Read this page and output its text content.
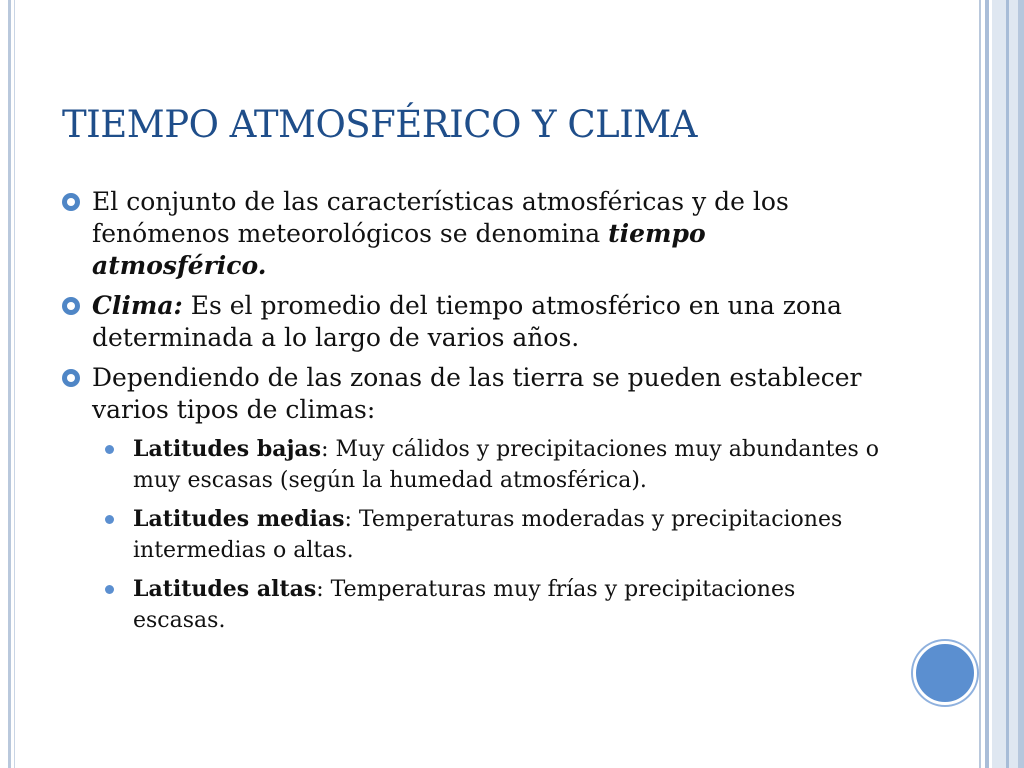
TIEMPO ATMOSFÉRICO Y CLIMA
El conjunto de las características atmosféricas y de los fenómenos meteorológicos se denomina tiempo atmosférico.
Clima: Es el promedio del tiempo atmosférico en una zona determinada a lo largo de varios años.
Dependiendo de las zonas de las tierra se pueden establecer varios tipos de climas:
Latitudes bajas: Muy cálidos y precipitaciones muy abundantes o muy escasas (según la humedad atmosférica).
Latitudes medias: Temperaturas moderadas y precipitaciones intermedias o altas.
Latitudes altas: Temperaturas muy frías y precipitaciones escasas.
